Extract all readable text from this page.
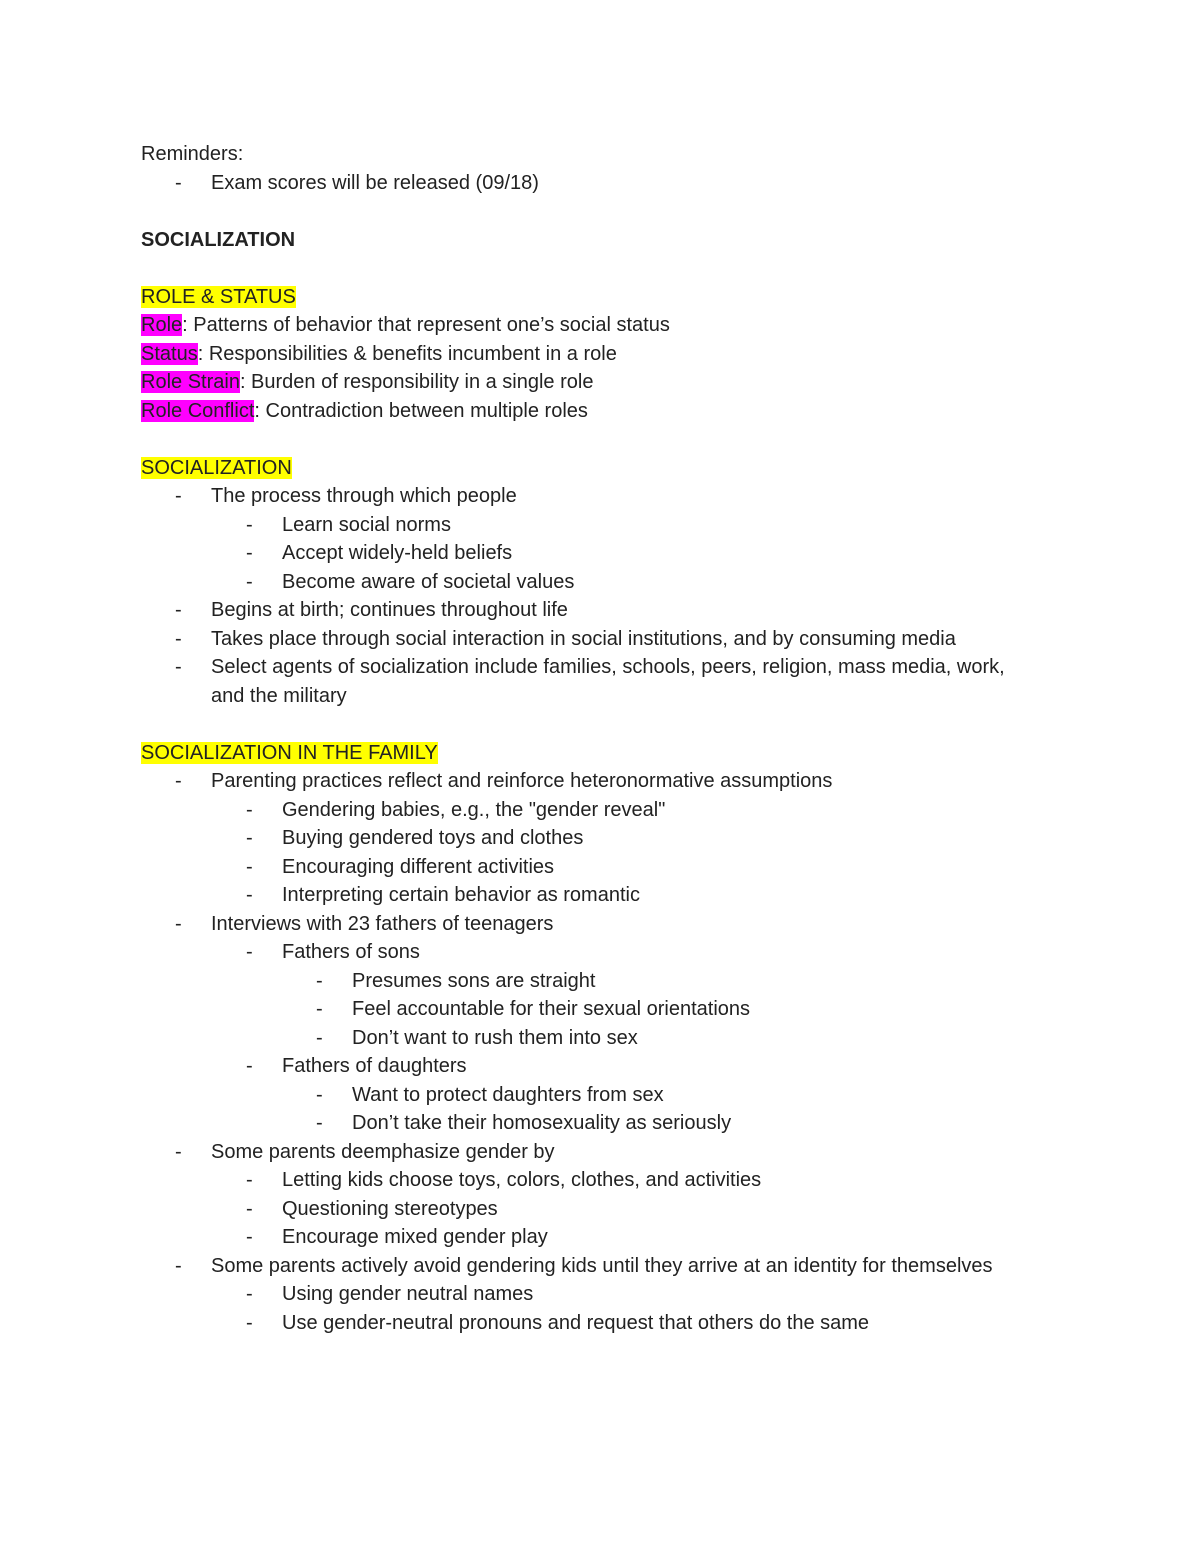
Reminders:
-	Exam scores will be released (09/18)
SOCIALIZATION
ROLE & STATUS
Role: Patterns of behavior that represent one’s social status
Status: Responsibilities & benefits incumbent in a role
Role Strain: Burden of responsibility in a single role
Role Conflict: Contradiction between multiple roles
SOCIALIZATION
-	The process through which people
-	Learn social norms
-	Accept widely-held beliefs
-	Become aware of societal values
-	Begins at birth; continues throughout life
-	Takes place through social interaction in social institutions, and by consuming media
-	Select agents of socialization include families, schools, peers, religion, mass media, work, and the military
SOCIALIZATION IN THE FAMILY
-	Parenting practices reflect and reinforce heteronormative assumptions
-	Gendering babies, e.g., the "gender reveal"
-	Buying gendered toys and clothes
-	Encouraging different activities
-	Interpreting certain behavior as romantic
-	Interviews with 23 fathers of teenagers
-	Fathers of sons
-	Presumes sons are straight
-	Feel accountable for their sexual orientations
-	Don’t want to rush them into sex
-	Fathers of daughters
-	Want to protect daughters from sex
-	Don’t take their homosexuality as seriously
-	Some parents deemphasize gender by
-	Letting kids choose toys, colors, clothes, and activities
-	Questioning stereotypes
-	Encourage mixed gender play
-	Some parents actively avoid gendering kids until they arrive at an identity for themselves
-	Using gender neutral names
-	Use gender-neutral pronouns and request that others do the same
